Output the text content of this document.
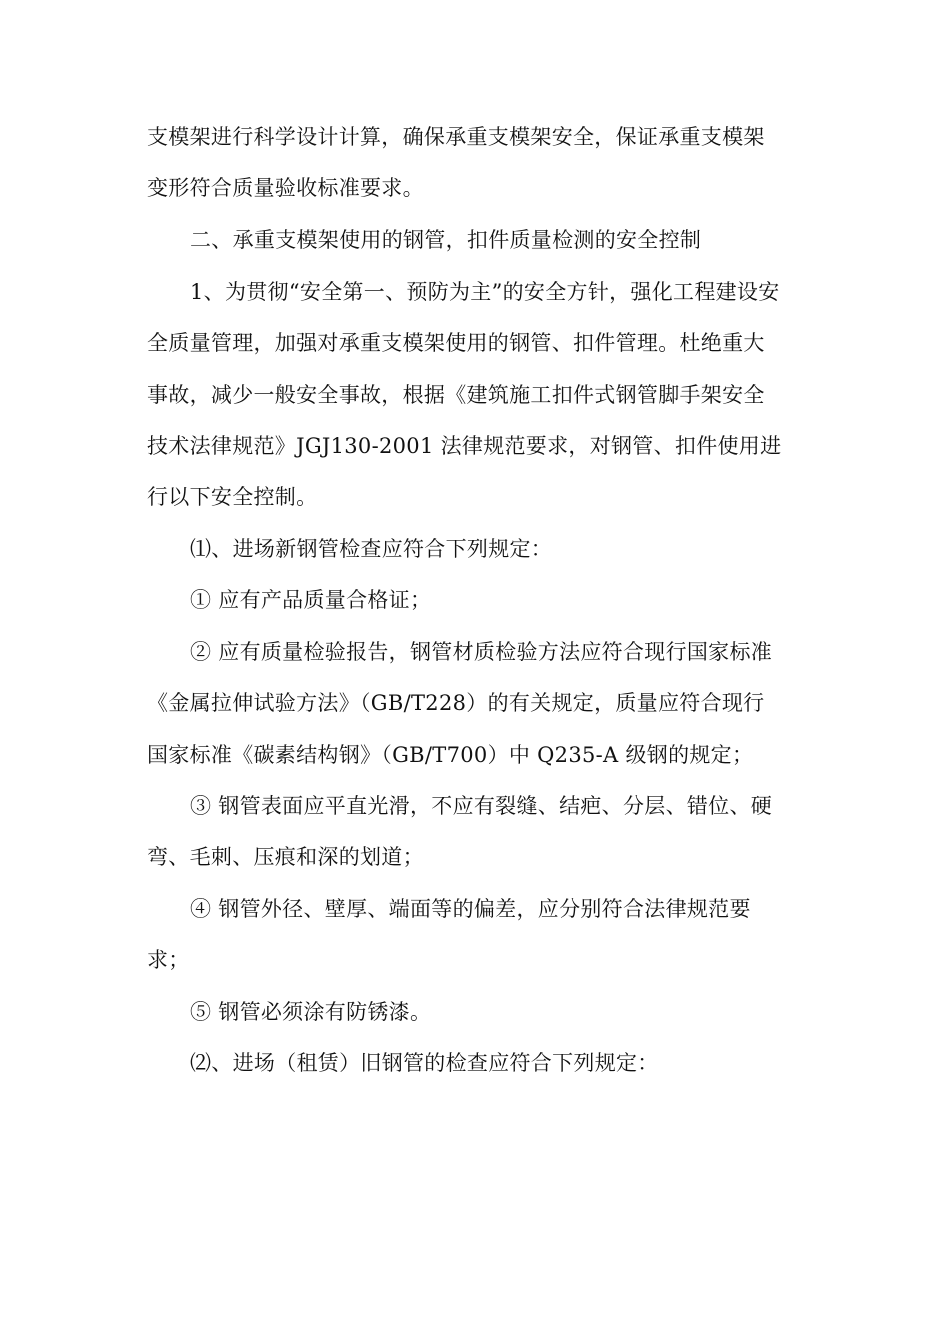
支模架进行科学设计计算，确保承重支模架安全，保证承重支模架
变形符合质量验收标准要求。
二、承重支模架使用的钢管，扣件质量检测的安全控制
1、为贯彻“安全第一、预防为主”的安全方针，强化工程建设安
全质量管理，加强对承重支模架使用的钢管、扣件管理。杜绝重大
事故，减少一般安全事故，根据《建筑施工扣件式钢管脚手架安全
技术法律规范》JGJ130-2001 法律规范要求，对钢管、扣件使用进
行以下安全控制。
⑴、进场新钢管检查应符合下列规定：
① 应有产品质量合格证；
② 应有质量检验报告，钢管材质检验方法应符合现行国家标准
《金属拉伸试验方法》（GB/T228）的有关规定，质量应符合现行
国家标准《碳素结构钢》（GB/T700）中 Q235-A 级钢的规定；
③ 钢管表面应平直光滑，不应有裂缝、结疤、分层、错位、硬
弯、毛刺、压痕和深的划道；
④ 钢管外径、壁厚、端面等的偏差，应分别符合法律规范要
求；
⑤ 钢管必须涂有防锈漆。
⑵、进场（租赁）旧钢管的检查应符合下列规定：
